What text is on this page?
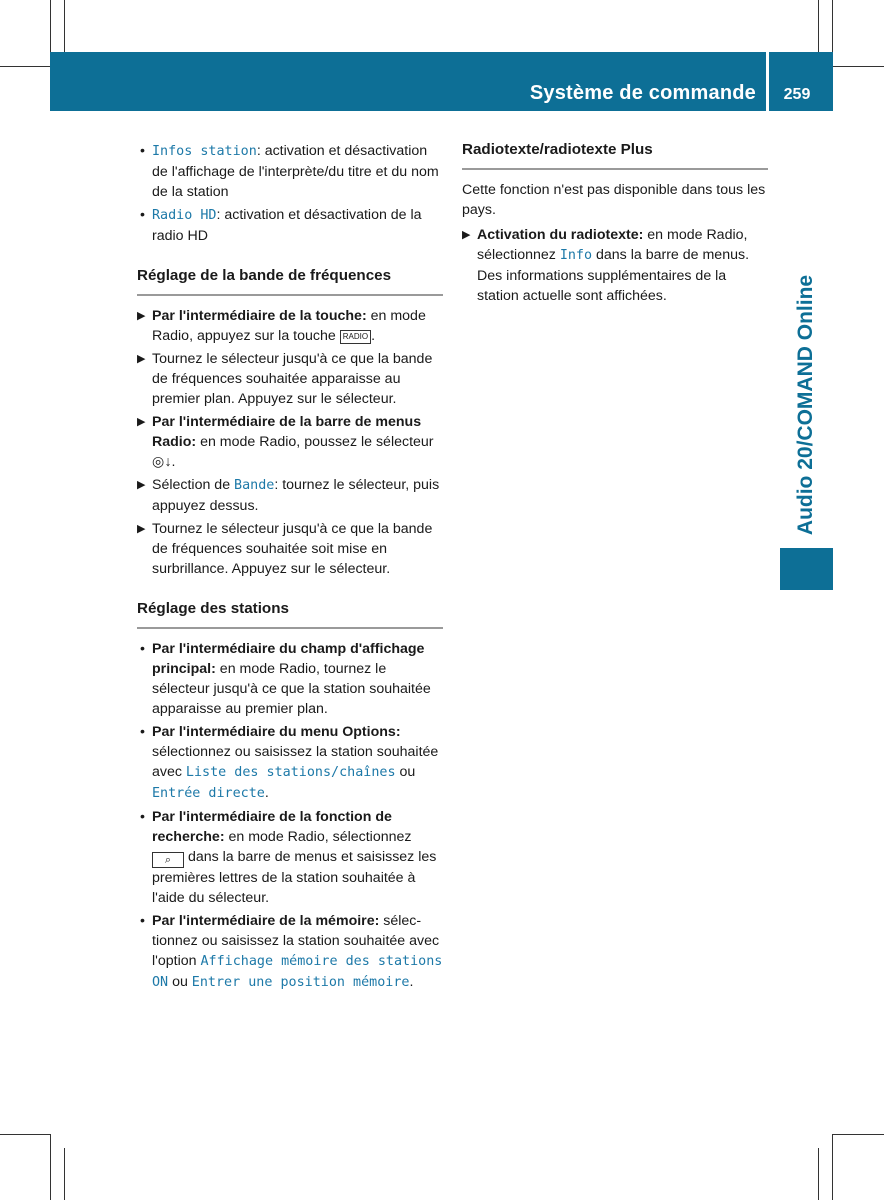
Système de commande	259
Audio 20/COMAND Online
• Infos station: activation et désactivation de l'affichage de l'interprète/du titre et du nom de la station
• Radio HD: activation et désactivation de la radio HD
Réglage de la bande de fréquences
▶ Par l'intermédiaire de la touche: en mode Radio, appuyez sur la touche RADIO .
▶ Tournez le sélecteur jusqu'à ce que la bande de fréquences souhaitée apparaisse au premier plan. Appuyez sur le sélecteur.
▶ Par l'intermédiaire de la barre de menus Radio: en mode Radio, poussez le sélecteur ◎↓.
▶ Sélection de Bande: tournez le sélecteur, puis appuyez dessus.
▶ Tournez le sélecteur jusqu'à ce que la bande de fréquences souhaitée soit mise en surbrillance. Appuyez sur le sélecteur.
Réglage des stations
• Par l'intermédiaire du champ d'affichage principal: en mode Radio, tournez le sélecteur jusqu'à ce que la station souhaitée apparaisse au premier plan.
• Par l'intermédiaire du menu Options: sélectionnez ou saisissez la station souhaitée avec Liste des stations/chaînes ou Entrée directe.
• Par l'intermédiaire de la fonction de recherche: en mode Radio, sélectionnez
⌕ dans la barre de menus et saisissez les premières lettres de la station souhaitée à l'aide du sélecteur.
• Par l'intermédiaire de la mémoire: sélectionnez ou saisissez la station souhaitée avec l'option Affichage mémoire des stations ON ou Entrer une position mémoire.
Radiotexte/radiotexte Plus
Cette fonction n'est pas disponible dans tous les pays.
▶ Activation du radiotexte: en mode Radio, sélectionnez Info dans la barre de menus. Des informations supplémentaires de la station actuelle sont affichées.
